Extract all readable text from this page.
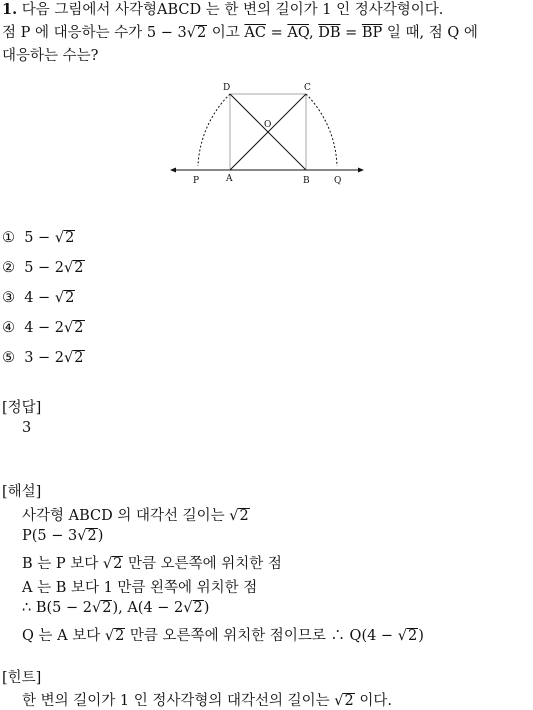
1. 다음 그림에서 사각형ABCD 는 한 변의 길이가 1 인 정사각형이다.
점 P 에 대응하는 수가 5 − 3√2 이고 $\overline{AC} = \overline{AQ}$, $\overline{DB} = \overline{BP}$ 일 때, 점 Q 에
대응하는 수는?
D	C
O
P	A	B	Q
① 5 − √2
② 5 − 2√2
③ 4 − √2
④ 4 − 2√2
⑤ 3 − 2√2
[정답]
3
[해설]
사각형 ABCD 의 대각선 길이는 √2
P(5 − 3√2)
B 는 P 보다 √2 만큼 오른쪽에 위치한 점
A 는 B 보다 1 만큼 왼쪽에 위치한 점
∴ B(5 − 2√2), A(4 − 2√2)
Q 는 A 보다 √2 만큼 오른쪽에 위치한 점이므로 ∴ Q(4 − √2)
[힌트]
한 변의 길이가 1 인 정사각형의 대각선의 길이는 √2 이다.
